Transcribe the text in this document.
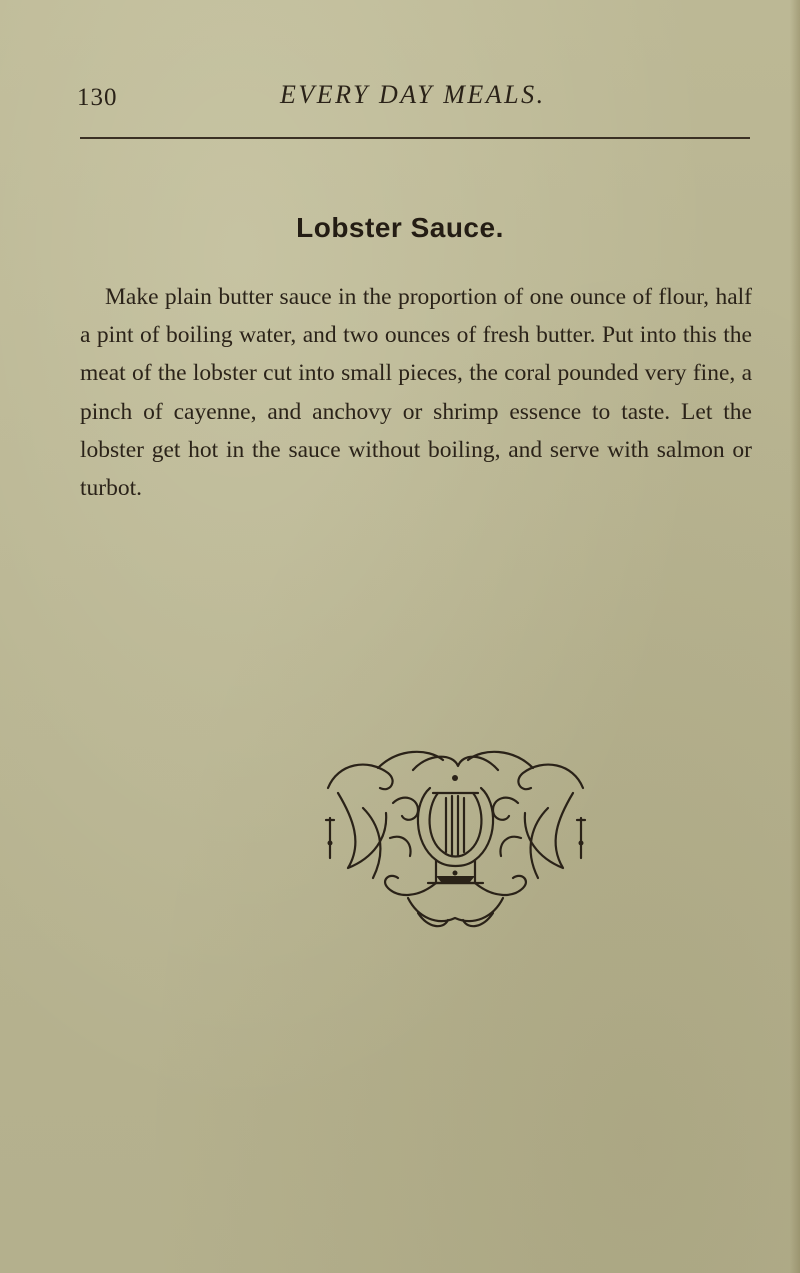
130	EVERY DAY MEALS.
Lobster Sauce.
Make plain butter sauce in the proportion of one ounce of flour, half a pint of boiling water, and two ounces of fresh butter. Put into this the meat of the lobster cut into small pieces, the coral pounded very fine, a pinch of cayenne, and anchovy or shrimp essence to taste. Let the lobster get hot in the sauce without boiling, and serve with salmon or turbot.
